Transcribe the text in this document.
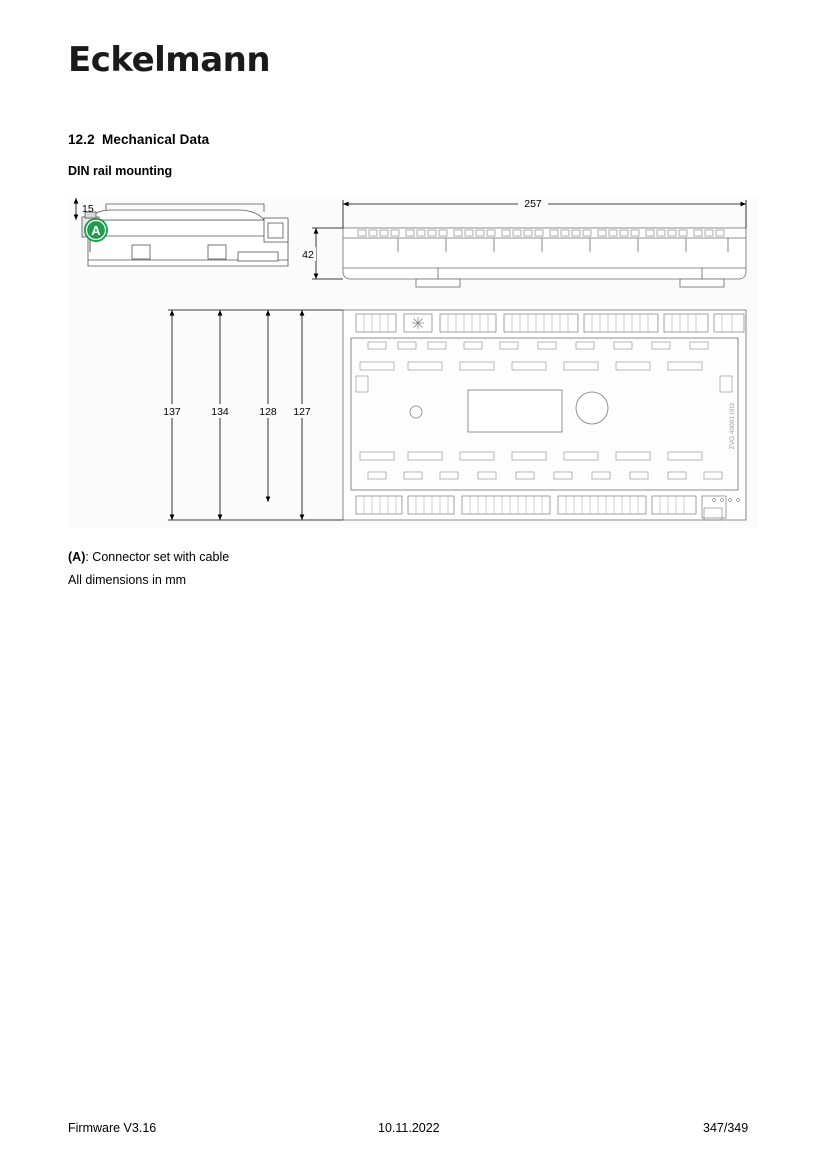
Eckelmann
12.2 Mechanical Data
DIN rail mounting
A
15	257
42
ZVG 40001 IXI2
137	134	128 127
(A): Connector set with cable
All dimensions in mm
Firmware V3.16	10.11.2022	347/349
